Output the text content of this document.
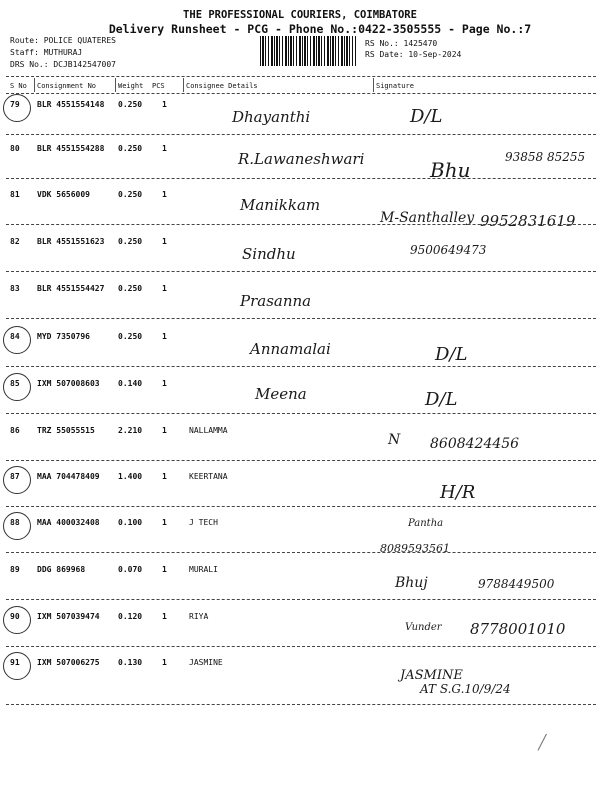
THE PROFESSIONAL COURIERS, COIMBATORE
Delivery Runsheet - PCG - Phone No.:0422-3505555 - Page No.:7
Route: POLICE QUATERES
Staff: MUTHURAJ
DRS No.: DCJB142547007
RS No.: 1425470
RS Date: 10-Sep-2024
S No Consignment No	Weight PCS	Consignee Details	Signature
79 BLR 4551554148 0.250 1
Dhayanthi	D/L
80 BLR 4551554288 0.250 1
R.Lawaneshwari	Bhu
93858 85255
81 VDK 5656009	0.250 1
Manikkam
M-Santhalley 9952831619
82 BLR 4551551623 0.250 1
Sindhu	9500649473
83 BLR 4551554427 0.250 1
Prasanna
84 MYD 7350796	0.250 1
Annamalai	D/L
85 IXM 507008603 0.140 1
Meena	D/L
86 TRZ 55055515	2.210 1	NALLAMMA
N 8608424456
87 MAA 704478409 1.400 1	KEERTANA
H/R
88 MAA 400032408 0.100 1	J TECH	Pantha
8089593561
89 DDG 869968	0.070 1	MURALI
Bhuj	9788449500
90 IXM 507039474 0.120 1	RIYA
Vunder 8778001010
91 IXM 507006275 0.130 1	JASMINE
JASMINE
AT S.G.10/9/24
╱
